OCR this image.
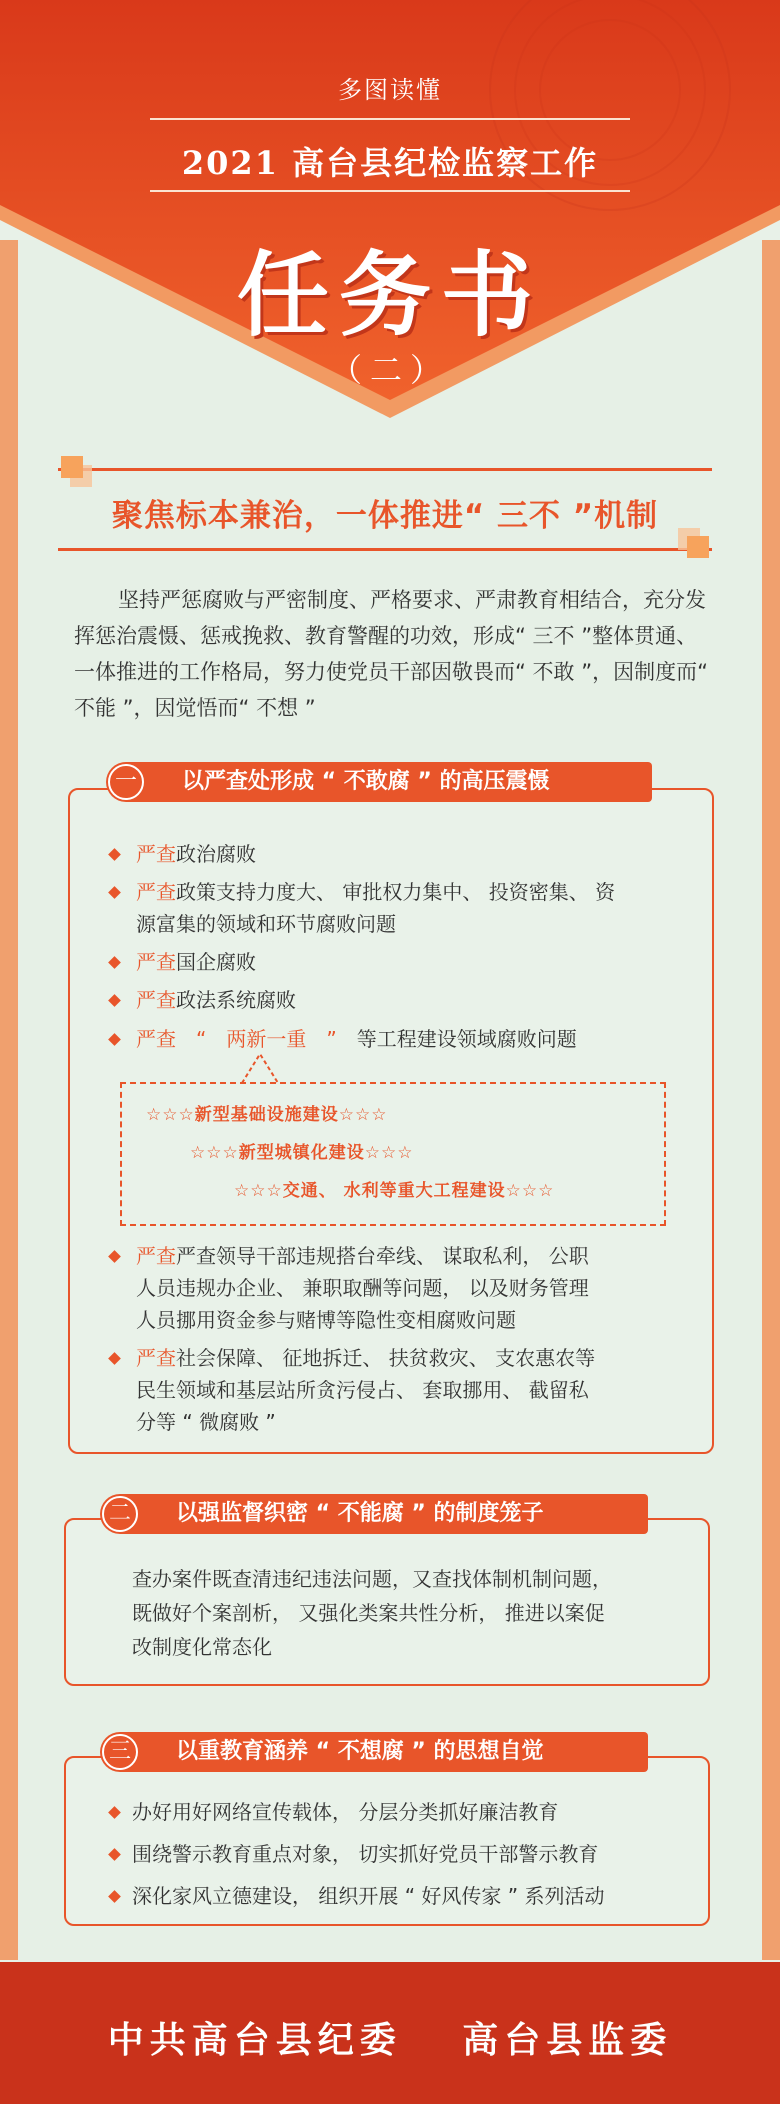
多图读懂
2021 高台县纪检监察工作
任务书
（二）
聚焦标本兼治，一体推进“ 三不 ”机制
坚持严惩腐败与严密制度、严格要求、严肃教育相结合，充分发挥惩治震慑、惩戒挽救、教育警醒的功效，形成“ 三不 ”整体贯通、一体推进的工作格局，努力使党员干部因敬畏而“ 不敢 ”，因制度而“ 不能 ”，因觉悟而“ 不想 ”
一	以严查处形成 “ 不敢腐 ” 的高压震慑
严查政治腐败
严查政策支持力度大、 审批权力集中、 投资密集、 资
源富集的领域和环节腐败问题
严查国企腐败
严查政法系统腐败
严查　 “　 两新一重　 ”　 等工程建设领域腐败问题
☆☆☆新型基础设施建设☆☆☆
☆☆☆新型城镇化建设☆☆☆
☆☆☆交通、 水利等重大工程建设☆☆☆
严查严查领导干部违规搭台牵线、 谋取私利， 公职
人员违规办企业、 兼职取酬等问题， 以及财务管理
人员挪用资金参与赌博等隐性变相腐败问题
严查社会保障、 征地拆迁、 扶贫救灾、 支农惠农等
民生领域和基层站所贪污侵占、 套取挪用、 截留私
分等 “ 微腐败 ”
二	以强监督织密 “ 不能腐 ” 的制度笼子
查办案件既查清违纪违法问题，又查找体制机制问题，
既做好个案剖析， 又强化类案共性分析， 推进以案促
改制度化常态化
三	以重教育涵养 “ 不想腐 ” 的思想自觉
办好用好网络宣传载体， 分层分类抓好廉洁教育
围绕警示教育重点对象， 切实抓好党员干部警示教育
深化家风立德建设， 组织开展 “ 好风传家 ” 系列活动
中共高台县纪委　 高台县监委
